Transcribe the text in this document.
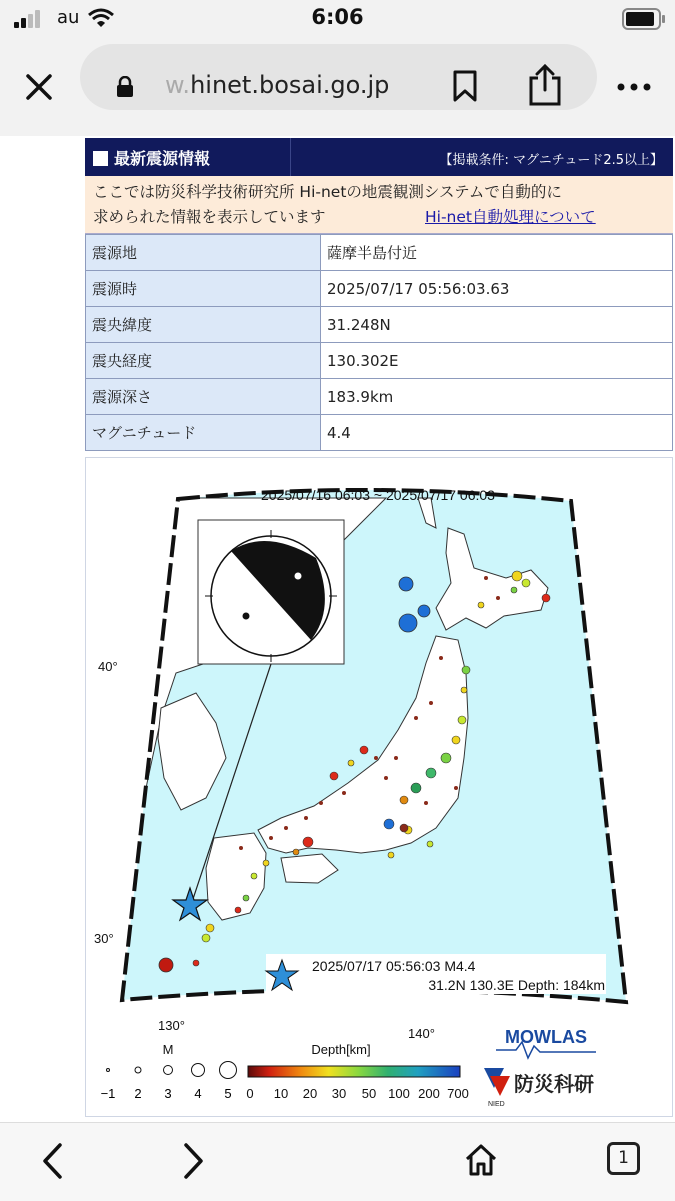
au	6:06
w.hinet.bosai.go.jp
最新震源情報	【掲載条件: マグニチュード2.5以上】
ここでは防災科学技術研究所 Hi-netの地震観測システムで自動的に
求められた情報を表示しています	Hi-net自動処理について
震源地	薩摩半島付近
震源時	2025/07/17 05:56:03.63
震央緯度	31.248N
震央経度	130.302E
震源深さ	183.9km
マグニチュード	4.4
2025/07/16 06:03 ~ 2025/07/17 06:03
40°
30°
130°
140°
2025/07/17 05:56:03 M4.4
31.2N 130.3E Depth: 184km
M
−1 2 3 4 5
Depth[km]
0 10 20 30 50 100 200 700
MOWLAS
NIED
防災科研
1
